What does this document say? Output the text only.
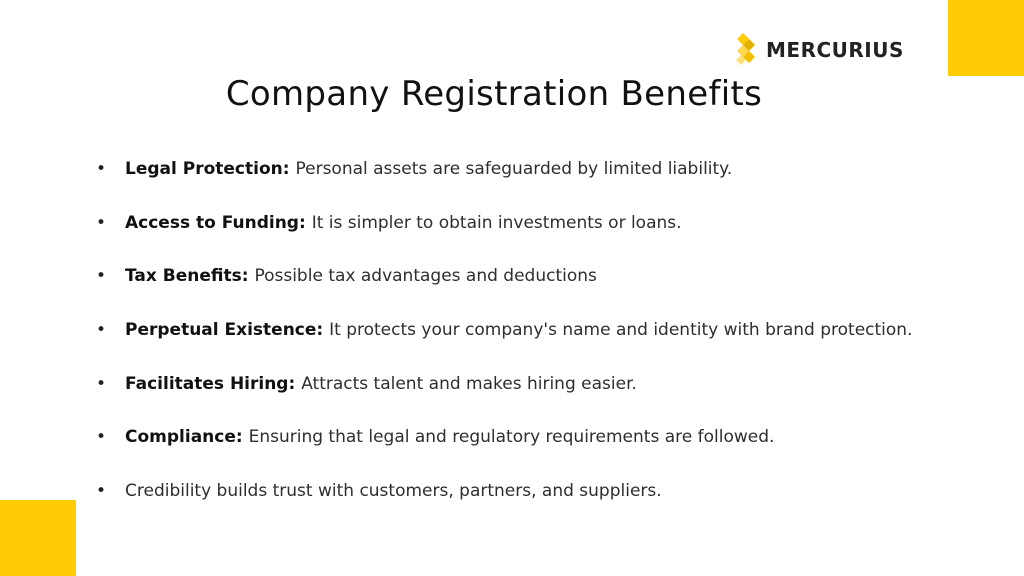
MERCURIUS
Company Registration Benefits
• Legal Protection: Personal assets are safeguarded by limited liability.
• Access to Funding: It is simpler to obtain investments or loans.
• Tax Benefits: Possible tax advantages and deductions
• Perpetual Existence: It protects your company's name and identity with brand protection.
• Facilitates Hiring: Attracts talent and makes hiring easier.
• Compliance: Ensuring that legal and regulatory requirements are followed.
• Credibility builds trust with customers, partners, and suppliers.
